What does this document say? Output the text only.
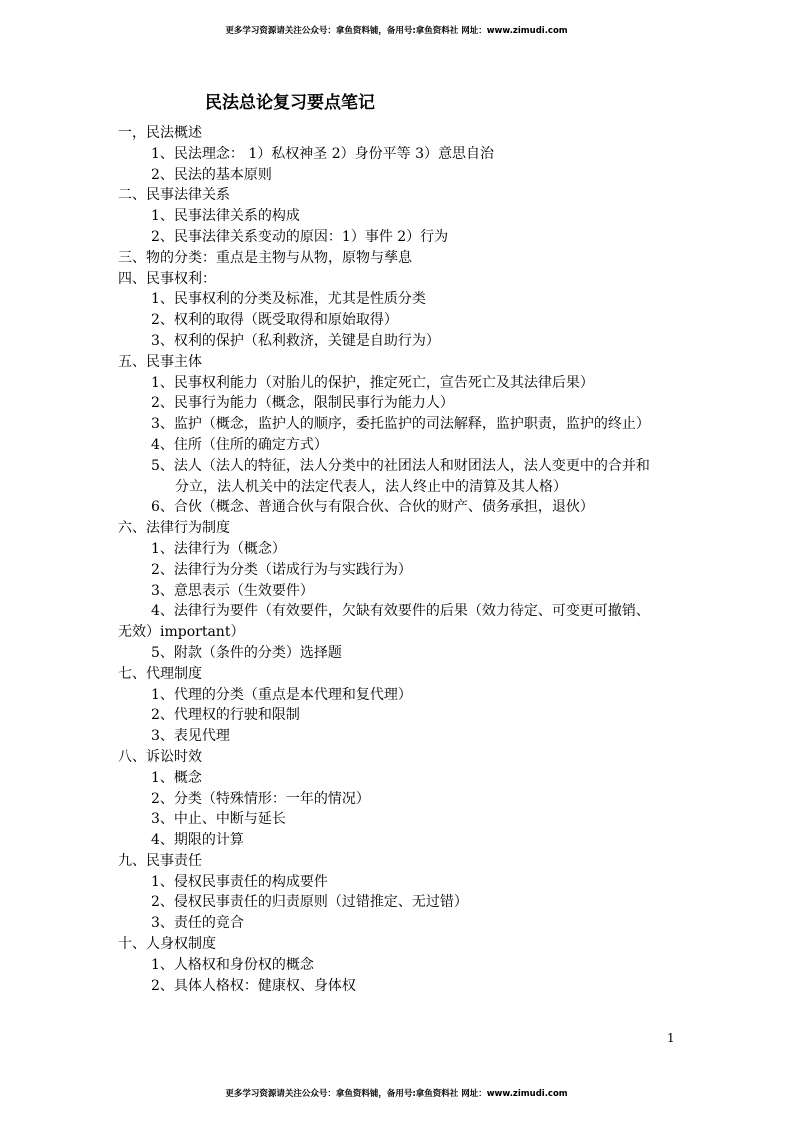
更多学习资源请关注公众号：拿鱼资料铺，备用号:拿鱼资料社 网址：www.zimudi.com
民法总论复习要点笔记
一，民法概述
1、民法理念： 1）私权神圣 2）身份平等 3）意思自治
2、民法的基本原则
二、民事法律关系
1、民事法律关系的构成
2、民事法律关系变动的原因：1）事件 2）行为
三、物的分类：重点是主物与从物，原物与孳息
四、民事权利：
1、民事权利的分类及标准，尤其是性质分类
2、权利的取得（既受取得和原始取得）
3、权利的保护（私利救济，关键是自助行为）
五、民事主体
1、民事权利能力（对胎儿的保护，推定死亡，宣告死亡及其法律后果）
2、民事行为能力（概念，限制民事行为能力人）
3、监护（概念，监护人的顺序，委托监护的司法解释，监护职责，监护的终止）
4、住所（住所的确定方式）
5、法人（法人的特征，法人分类中的社团法人和财团法人，法人变更中的合并和
分立，法人机关中的法定代表人，法人终止中的清算及其人格）
6、合伙（概念、普通合伙与有限合伙、合伙的财产、债务承担，退伙）
六、法律行为制度
1、法律行为（概念）
2、法律行为分类（诺成行为与实践行为）
3、意思表示（生效要件）
4、法律行为要件（有效要件，欠缺有效要件的后果（效力待定、可变更可撤销、
无效）important）
5、附款（条件的分类）选择题
七、代理制度
1、代理的分类（重点是本代理和复代理）
2、代理权的行驶和限制
3、表见代理
八、诉讼时效
1、概念
2、分类（特殊情形：一年的情况）
3、中止、中断与延长
4、期限的计算
九、民事责任
1、侵权民事责任的构成要件
2、侵权民事责任的归责原则（过错推定、无过错）
3、责任的竞合
十、人身权制度
1、人格权和身份权的概念
2、具体人格权：健康权、身体权
1
更多学习资源请关注公众号：拿鱼资料铺，备用号:拿鱼资料社 网址：www.zimudi.com
